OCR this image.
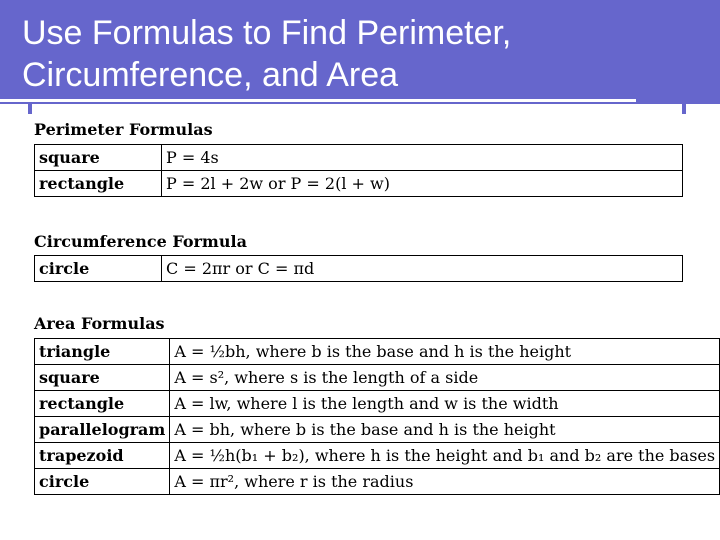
Use Formulas to Find Perimeter,
Circumference, and Area
Perimeter Formulas
square	P = 4s
rectangle	P = 2l + 2w or P = 2(l + w)
Circumference Formula
circle	C = 2πr or C = πd
Area Formulas
triangle	A = ½bh, where b is the base and h is the height
square	A = s², where s is the length of a side
rectangle	A = lw, where l is the length and w is the width
parallelogram	A = bh, where b is the base and h is the height
trapezoid	A = ½h(b₁ + b₂), where h is the height and b₁ and b₂ are the bases
circle	A = πr², where r is the radius
